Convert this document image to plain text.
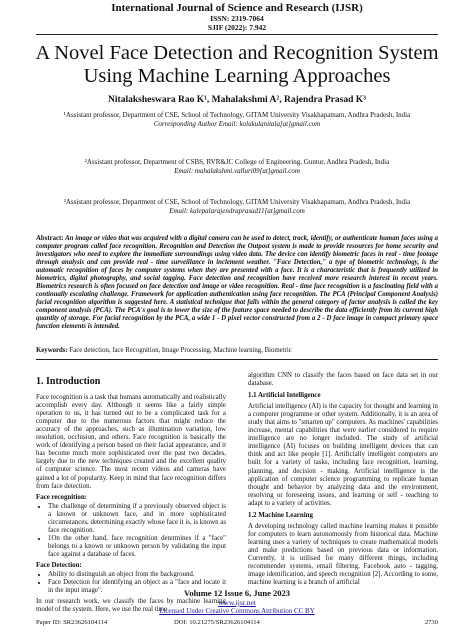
International Journal of Science and Research (IJSR)
ISSN: 2319-7064
SJIF (2022): 7.942
A Novel Face Detection and Recognition System
Using Machine Learning Approaches
Nitalaksheswara Rao K¹, Mahalakshmi A², Rajendra Prasad K³
¹Assistant professor, Department of CSE, School of Technology, GITAM University Visakhapatnam, Andhra Pradesh, India
Corresponding Author Email: kolukulanitala[at]gmail.com
²Assistant professor, Department of CSBS, RVR&JC College of Engineering, Guntur, Andhra Pradesh, India
Email: mahalakshmi.valluri09[at]gmail.com
³Assistant professor, Department of CSE, School of Technology, GITAM University Visakhapatnam, Andhra Pradesh, India
Email: kalepalarajendraprasad11[at]gmail.com
Abstract: An image or video that was acquired with a digital camera can be used to detect, track, identify, or authenticate human faces using a computer program called face recognition. Recognition and Detection the Outpost system is made to provide resources for home security and investigators who need to explore the immediate surroundings using video data. The device can identify biometric faces in real - time footage through analysis and can provide real - time surveillance in inclement weather. "Face Detection," a type of biometric technology, is the automatic recognition of faces by computer systems when they are presented with a face. It is a characteristic that is frequently utilized in biometrics, digital photography, and social tagging. Face detection and recognition have received more research interest in recent years. Biometrics research is often focused on face detection and image or video recognition. Real - time face recognition is a fascinating field with a continually escalating challenge. Framework for application authentication using face recognition. The PCA (Principal Component Analysis) facial recognition algorithm is suggested here. A statistical technique that falls within the general category of factor analysis is called the key component analysis (PCA). The PCA's goal is to lower the size of the feature space needed to describe the data efficiently from its current high quantity of storage. For facial recognition by the PCA, a wide 1 - D pixel vector constructed from a 2 - D face image in compact primary space function elements is intended.
Keywords: Face detection, face Recognition, Image Processing, Machine learning, Biometric
1. Introduction

Face recognition is a task that humans automatically and realistically accomplish every day. Although it seems like a fairly simple operation to us, it has turned out to be a complicated task for a computer due to the numerous factors that might reduce the accuracy of the approaches, such as illumination variation, low resolution, occlusion, and others. Face recognition is basically the work of identifying a person based on their facial appearance, and it has become much more sophisticated over the past two decades, largely due to the new techniques created and the excellent quality of computer science. The most recent videos and cameras have gained a lot of popularity. Keep in mind that face recognition differs from face detection.

Face recognition:
• The challenge of determining if a previously observed object is a known or unknown face, and in more sophisticated circumstances, determining exactly whose face it is, is known as face recognition.
• 1On the other hand, face recognition determines if a "face" belongs to a known or unknown person by validating the input face against a database of faces.
Face Detection:
• Ability to distinguish an object from the background.
• Face Detection for identifying an object as a "face and locate it in the input image".

In our research work, we classify the faces by machine learning model of the system. Here, we use the real time

algorithm CNN to classify the faces based on face data set in our database.

1.1 Artificial Intelligence

Artificial intelligence (AI) is the capacity for thought and learning in a computer programme or other system. Additionally, it is an area of study that aims to "smarten up" computers. As machines' capabilities increase, mental capabilities that were earlier considered to require intelligence are no longer included. The study of artificial intelligence (AI) focuses on building intelligent devices that can think and act like people [1]. Artificially intelligent computers are built for a variety of tasks, including face recognition, learning, planning, and decision - making. Artificial intelligence is the application of computer science programming to replicate human thought and behavior by analyzing data and the environment, resolving or foreseeing issues, and learning or self - teaching to adapt to a variety of activities.

1.2 Machine Learning

A developing technology called machine learning makes it possible for computers to learn autonomously from historical data. Machine learning uses a variety of techniques to create mathematical models and make predictions based on previous data or information. Currently, it is utilised for many different things, including recommender systems, email filtering, Facebook auto - tagging, image identification, and speech recognition [2]. According to some, machine learning is a branch of artificial

Volume 12 Issue 6, June 2023
www.ijsr.net
Licensed Under Creative Commons Attribution CC BY
Paper ID: SR23626104114	DOI: 10.21275/SR23626104114	2730
